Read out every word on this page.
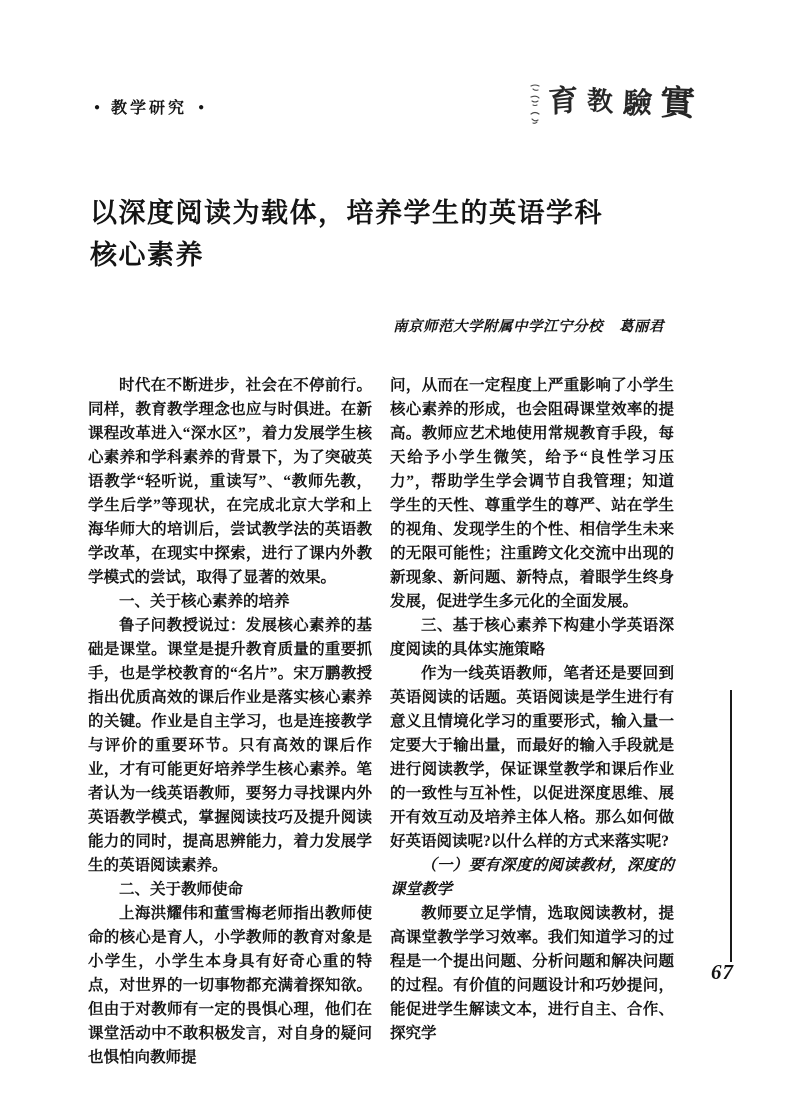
● 教学研究 ●	育 教 驗 實
以深度阅读为载体，培养学生的英语学科
核心素养
南京师范大学附属中学江宁分校 葛丽君

时代在不断进步，社会在不停前行。同样，教育教学理念也应与时俱进。在新课程改革进入“深水区”，着力发展学生核心素养和学科素养的背景下，为了突破英语教学“轻听说，重读写”、“教师先教，学生后学”等现状，在完成北京大学和上海华师大的培训后，尝试教学法的英语教学改革，在现实中探索，进行了课内外教学模式的尝试，取得了显著的效果。

一、关于核心素养的培养

鲁子问教授说过：发展核心素养的基础是课堂。课堂是提升教育质量的重要抓手，也是学校教育的“名片”。宋万鹏教授指出优质高效的课后作业是落实核心素养的关键。作业是自主学习，也是连接教学与评价的重要环节。只有高效的课后作业，才有可能更好培养学生核心素养。笔者认为一线英语教师，要努力寻找课内外英语教学模式，掌握阅读技巧及提升阅读能力的同时，提高思辨能力，着力发展学生的英语阅读素养。

二、关于教师使命

上海洪耀伟和董雪梅老师指出教师使命的核心是育人，小学教师的教育对象是小学生，小学生本身具有好奇心重的特点，对世界的一切事物都充满着探知欲。但由于对教师有一定的畏惧心理，他们在课堂活动中不敢积极发言，对自身的疑问也惧怕向教师提

问，从而在一定程度上严重影响了小学生核心素养的形成，也会阻碍课堂效率的提高。教师应艺术地使用常规教育手段，每天给予小学生微笑，给予“良性学习压力”，帮助学生学会调节自我管理；知道学生的天性、尊重学生的尊严、站在学生的视角、发现学生的个性、相信学生未来的无限可能性；注重跨文化交流中出现的新现象、新问题、新特点，着眼学生终身发展，促进学生多元化的全面发展。

三、基于核心素养下构建小学英语深度阅读的具体实施策略

作为一线英语教师，笔者还是要回到英语阅读的话题。英语阅读是学生进行有意义且情境化学习的重要形式，输入量一定要大于输出量，而最好的输入手段就是进行阅读教学，保证课堂教学和课后作业的一致性与互补性，以促进深度思维、展开有效互动及培养主体人格。那么如何做好英语阅读呢?以什么样的方式来落实呢?

（一）要有深度的阅读教材，深度的课堂教学

教师要立足学情，选取阅读教材，提高课堂教学学习效率。我们知道学习的过程是一个提出问题、分析问题和解决问题的过程。有价值的问题设计和巧妙提问，能促进学生解读文本，进行自主、合作、探究学

67
